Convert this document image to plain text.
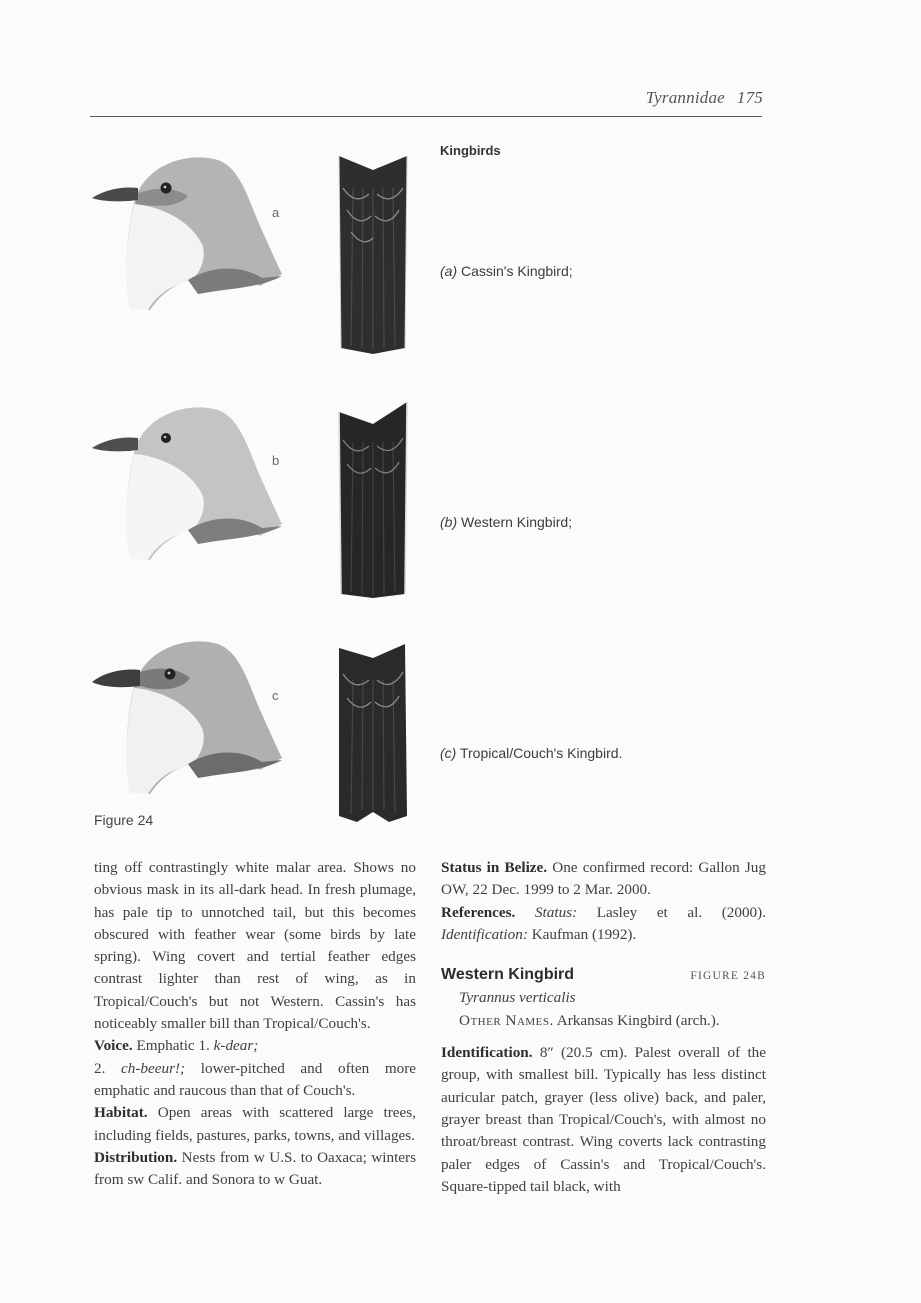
Tyrannidae 175
Kingbirds
a
b
c
(a) Cassin's Kingbird;
(b) Western Kingbird;
(c) Tropical/Couch's Kingbird.
Figure 24

ting off contrastingly white malar area. Shows no obvious mask in its all-dark head. In fresh plumage, has pale tip to unnotched tail, but this becomes obscured with feather wear (some birds by late spring). Wing covert and tertial feather edges contrast lighter than rest of wing, as in Tropical/Couch's but not Western. Cassin's has noticeably smaller bill than Tropical/Couch's.

Voice. Emphatic 1. k-dear;

2. ch-beeur!; lower-pitched and often more emphatic and raucous than that of Couch's.

Habitat. Open areas with scattered large trees, including fields, pastures, parks, towns, and villages.

Distribution. Nests from w U.S. to Oaxaca; winters from sw Calif. and Sonora to w Guat.

Status in Belize. One confirmed record: Gallon Jug OW, 22 Dec. 1999 to 2 Mar. 2000.

References. Status: Lasley et al. (2000). Identification: Kaufman (1992).

Western Kingbird	FIGURE 24B

Tyrannus verticalis

Other Names. Arkansas Kingbird (arch.).

Identification. 8″ (20.5 cm). Palest overall of the group, with smallest bill. Typically has less distinct auricular patch, grayer (less olive) back, and paler, grayer breast than Tropical/Couch's, with almost no throat/breast contrast. Wing coverts lack contrasting paler edges of Cassin's and Tropical/Couch's. Square-tipped tail black, with
